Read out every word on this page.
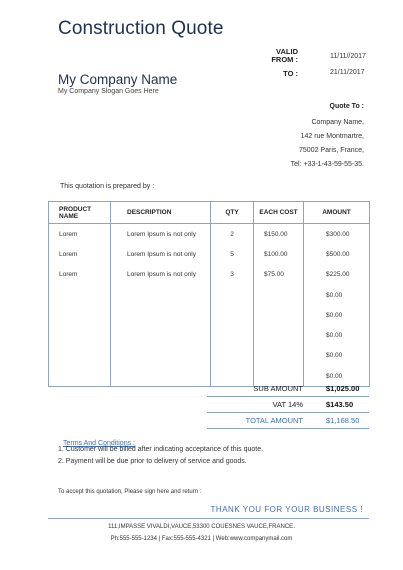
Construction Quote
VALID FROM :	11/11//2017
TO :	21/11/2017
My Company Name
My Company Slogan Goes Here
Quote To :
Company Name,
142 rue Montmartre,
75002 Paris, France,
Tel: +33-1-43-59-55-35.
This quotation is prepared by :
PRODUCT NAME	DESCRIPTION	QTY	EACH COST	AMOUNT
Lorem	Lorem Ipsum is not only	2	$150.00	$300.00
Lorem	Lorem Ipsum is not only	5	$100.00	$500.00
Lorem	Lorem Ipsum is not only	3	$75.00	$225.00
				$0.00
				$0.00
				$0.00
				$0.00
				$0.00
SUB AMOUNT	$1,025.00
VAT 14%	$143.50
TOTAL AMOUNT	$1,168.50
Terms And Conditions :
1. Customer will be billed after indicating acceptance of this quote.
2. Payment will be due prior to delivery of service and goods.
To accept this quotation, Please sign here and return :
THANK YOU FOR YOUR BUSINESS !
111,IMPASSE VIVALDI,VAUCE,53300 COUESNES VAUCE,FRANCE.
Ph:555-555-1234 | Fax:555-555-4321 | Web:www.companymail.com
